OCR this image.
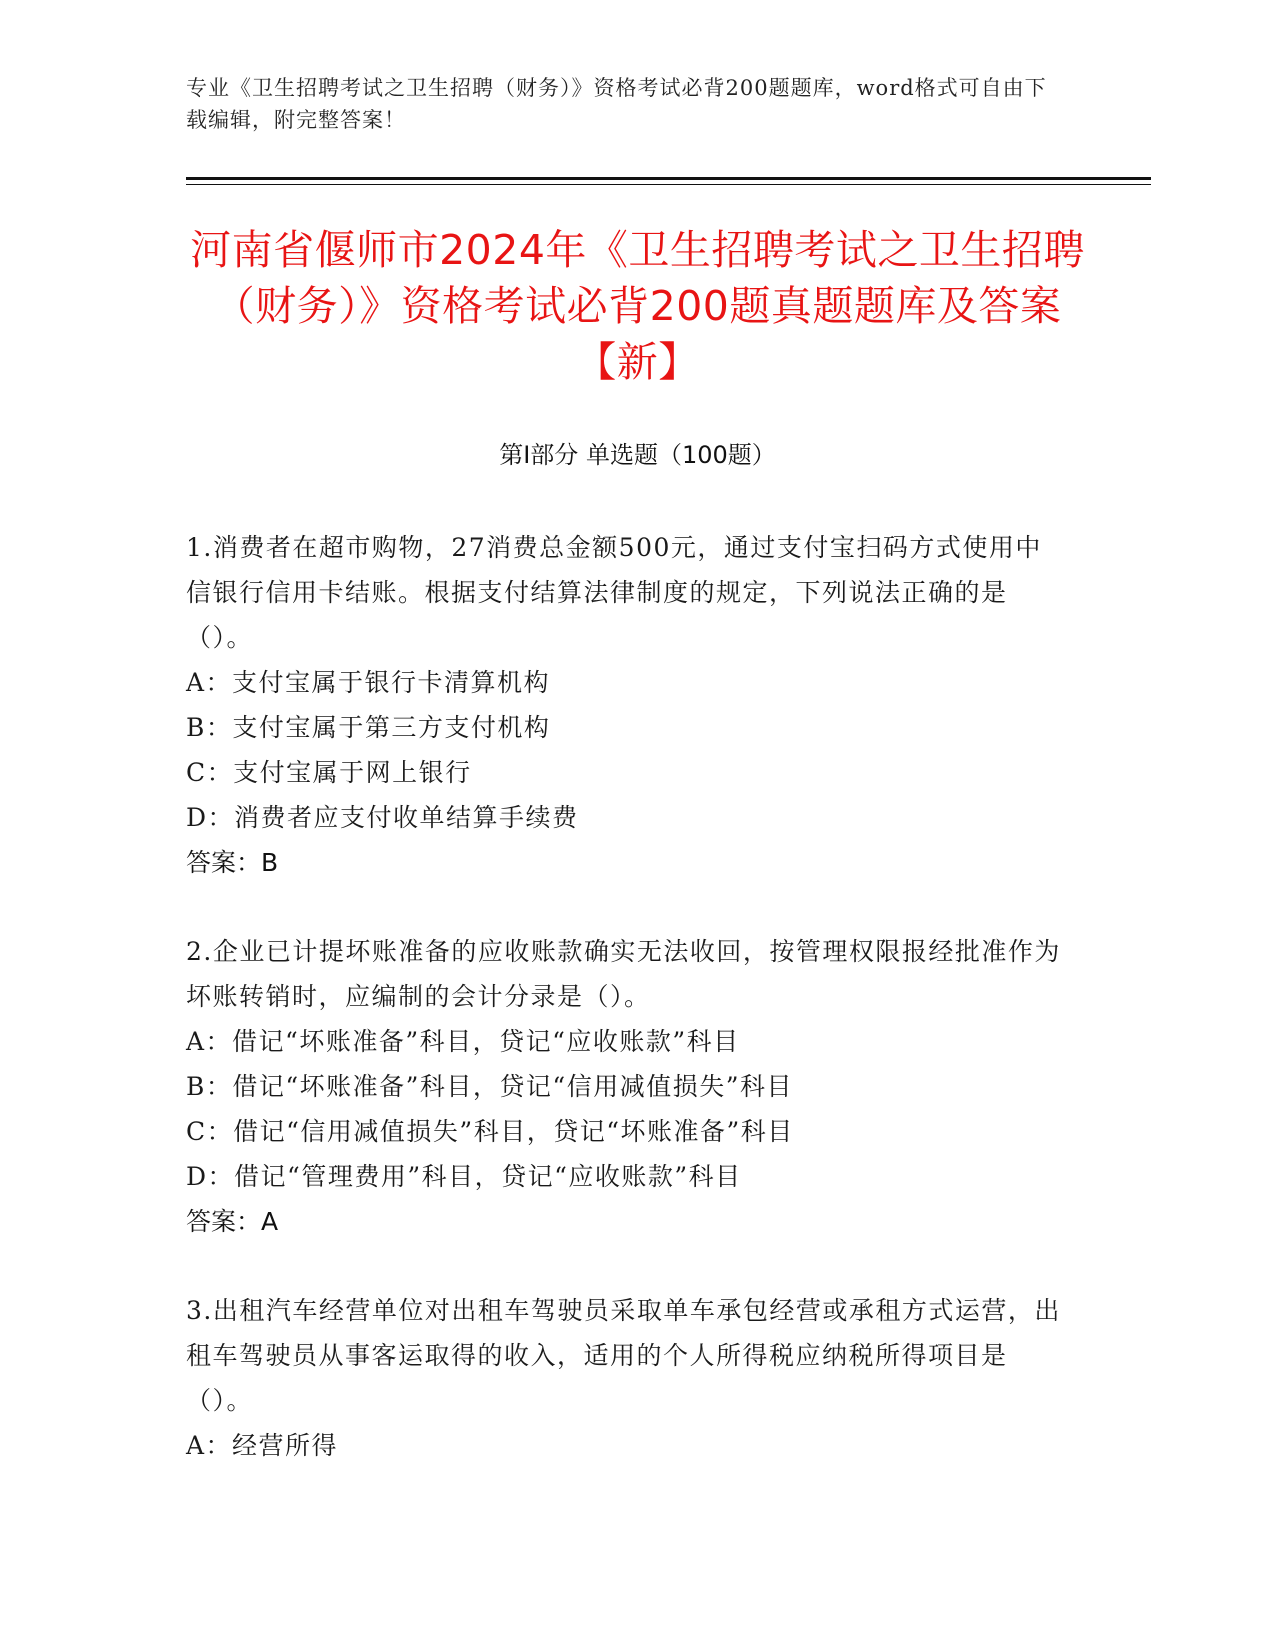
专业《卫生招聘考试之卫生招聘（财务）》资格考试必背200题题库，word格式可自由下载编辑，附完整答案！
河南省偃师市2024年《卫生招聘考试之卫生招聘（财务）》资格考试必背200题真题题库及答案【新】
第Ⅰ部分 单选题（100题）

1.消费者在超市购物，27消费总金额500元，通过支付宝扫码方式使用中信银行信用卡结账。根据支付结算法律制度的规定，下列说法正确的是（）。

A：支付宝属于银行卡清算机构
B：支付宝属于第三方支付机构
C：支付宝属于网上银行
D：消费者应支付收单结算手续费

答案：B

2.企业已计提坏账准备的应收账款确实无法收回，按管理权限报经批准作为坏账转销时，应编制的会计分录是（）。

A：借记“坏账准备”科目，贷记“应收账款”科目
B：借记“坏账准备”科目，贷记“信用减值损失”科目
C：借记“信用减值损失”科目，贷记“坏账准备”科目
D：借记“管理费用”科目，贷记“应收账款”科目

答案：A

3.出租汽车经营单位对出租车驾驶员采取单车承包经营或承租方式运营，出租车驾驶员从事客运取得的收入，适用的个人所得税应纳税所得项目是（）。

A：经营所得
